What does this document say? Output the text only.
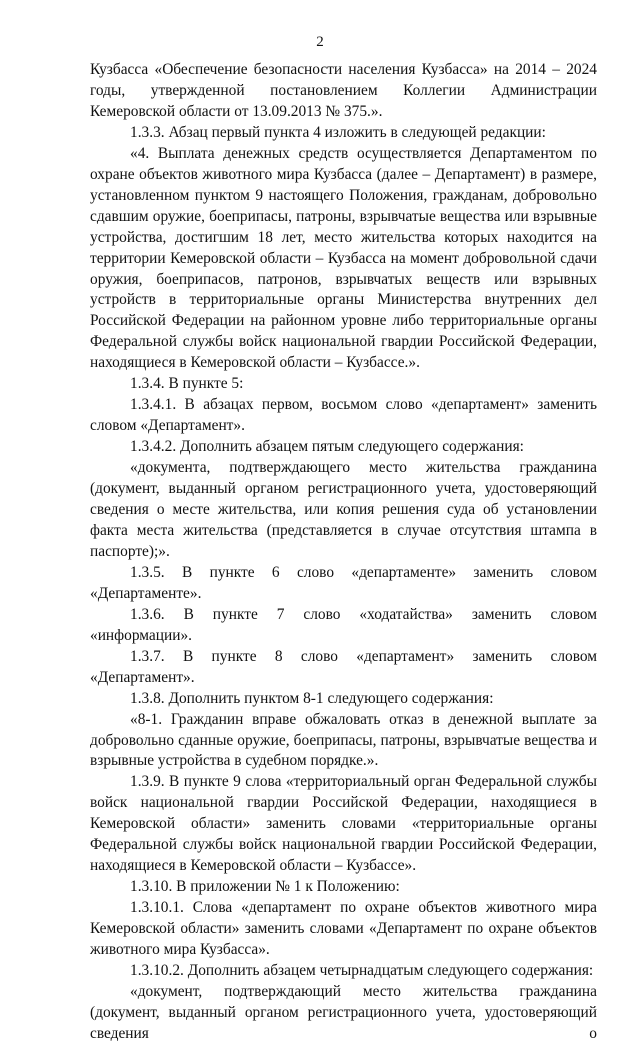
2

Кузбасса «Обеспечение безопасности населения Кузбасса» на 2014 – 2024 годы, утвержденной постановлением Коллегии Администрации Кемеровской области от 13.09.2013 № 375.».

1.3.3. Абзац первый пункта 4 изложить в следующей редакции:

«4. Выплата денежных средств осуществляется Департаментом по охране объектов животного мира Кузбасса (далее – Департамент) в размере, установленном пунктом 9 настоящего Положения, гражданам, добровольно сдавшим оружие, боеприпасы, патроны, взрывчатые вещества или взрывные устройства, достигшим 18 лет, место жительства которых находится на территории Кемеровской области – Кузбасса на момент добровольной сдачи оружия, боеприпасов, патронов, взрывчатых веществ или взрывных устройств в территориальные органы Министерства внутренних дел Российской Федерации на районном уровне либо территориальные органы Федеральной службы войск национальной гвардии Российской Федерации, находящиеся в Кемеровской области – Кузбассе.».

1.3.4. В пункте 5:

1.3.4.1. В абзацах первом, восьмом слово «департамент» заменить словом «Департамент».

1.3.4.2. Дополнить абзацем пятым следующего содержания:

«документа, подтверждающего место жительства гражданина (документ, выданный органом регистрационного учета, удостоверяющий сведения о месте жительства, или копия решения суда об установлении факта места жительства (представляется в случае отсутствия штампа в паспорте);».

1.3.5. В пункте 6 слово «департаменте» заменить словом «Департаменте».

1.3.6. В пункте 7 слово «ходатайства» заменить словом «информации».

1.3.7. В пункте 8 слово «департамент» заменить словом «Департамент».

1.3.8. Дополнить пунктом 8-1 следующего содержания:

«8-1. Гражданин вправе обжаловать отказ в денежной выплате за добровольно сданные оружие, боеприпасы, патроны, взрывчатые вещества и взрывные устройства в судебном порядке.».

1.3.9. В пункте 9 слова «территориальный орган Федеральной службы войск национальной гвардии Российской Федерации, находящиеся в Кемеровской области» заменить словами «территориальные органы Федеральной службы войск национальной гвардии Российской Федерации, находящиеся в Кемеровской области – Кузбассе».

1.3.10. В приложении № 1 к Положению:

1.3.10.1. Слова «департамент по охране объектов животного мира Кемеровской области» заменить словами «Департамент по охране объектов животного мира Кузбасса».

1.3.10.2. Дополнить абзацем четырнадцатым следующего содержания:

«документ, подтверждающий место жительства гражданина (документ, выданный органом регистрационного учета, удостоверяющий сведения о
